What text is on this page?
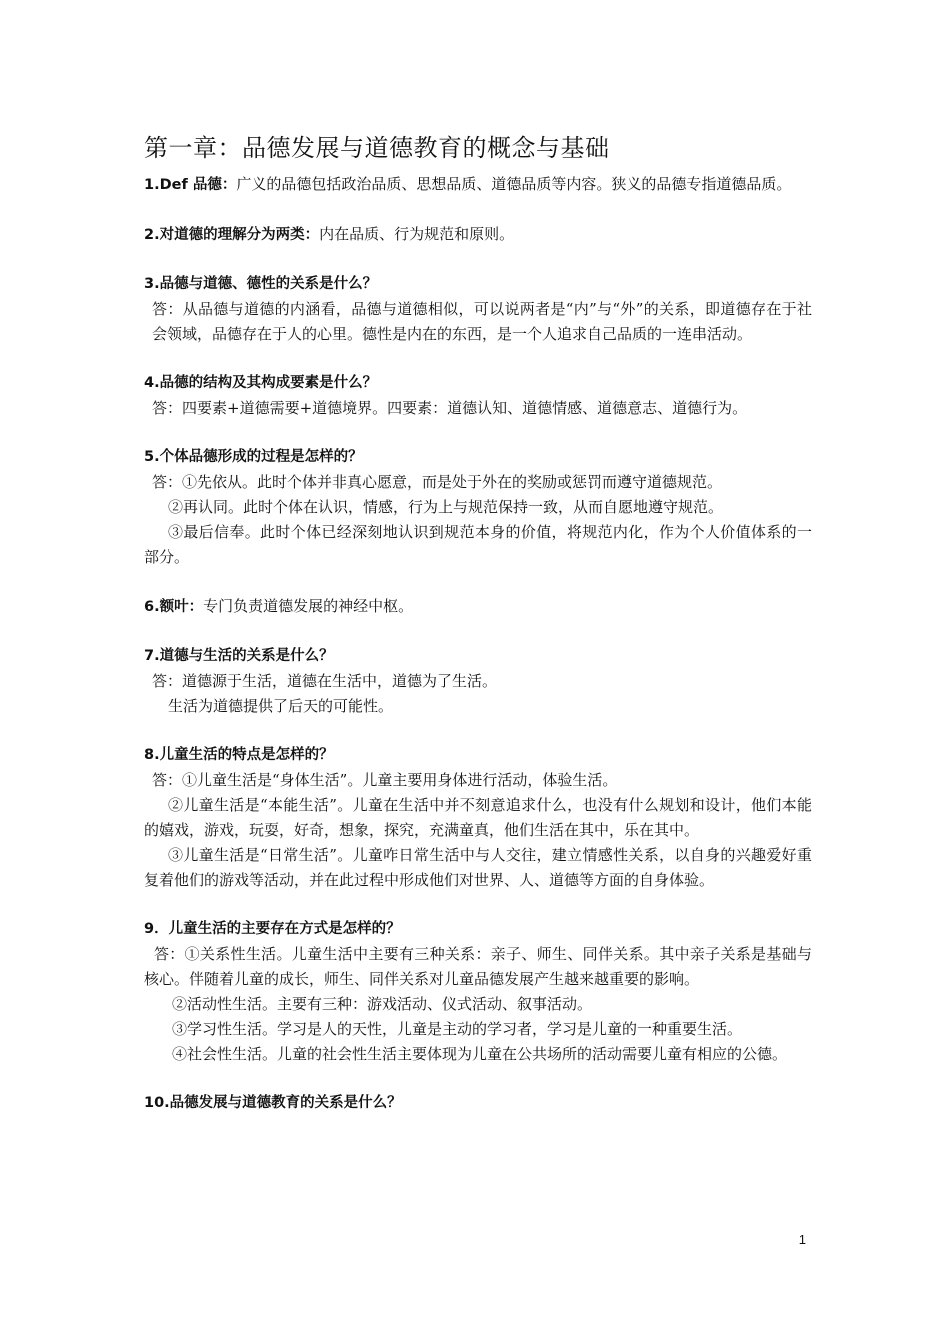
第一章：品德发展与道德教育的概念与基础

1.Def 品德：广义的品德包括政治品质、思想品质、道德品质等内容。狭义的品德专指道德品质。

2.对道德的理解分为两类：内在品质、行为规范和原则。

3.品德与道德、德性的关系是什么？

答：从品德与道德的内涵看，品德与道德相似，可以说两者是“内”与“外”的关系，即道德存在于社会领域，品德存在于人的心里。德性是内在的东西，是一个人追求自己品质的一连串活动。

4.品德的结构及其构成要素是什么？

答：四要素+道德需要+道德境界。四要素：道德认知、道德情感、道德意志、道德行为。

5.个体品德形成的过程是怎样的？

答：①先依从。此时个体并非真心愿意，而是处于外在的奖励或惩罚而遵守道德规范。

②再认同。此时个体在认识，情感，行为上与规范保持一致，从而自愿地遵守规范。

③最后信奉。此时个体已经深刻地认识到规范本身的价值，将规范内化，作为个人价值体系的一部分。

6.额叶：专门负责道德发展的神经中枢。

7.道德与生活的关系是什么？

答：道德源于生活，道德在生活中，道德为了生活。

生活为道德提供了后天的可能性。

8.儿童生活的特点是怎样的？

答：①儿童生活是“身体生活”。儿童主要用身体进行活动，体验生活。

②儿童生活是“本能生活”。儿童在生活中并不刻意追求什么，也没有什么规划和设计，他们本能的嬉戏，游戏，玩耍，好奇，想象，探究，充满童真，他们生活在其中，乐在其中。

③儿童生活是“日常生活”。儿童咋日常生活中与人交往，建立情感性关系，以自身的兴趣爱好重复着他们的游戏等活动，并在此过程中形成他们对世界、人、道德等方面的自身体验。

9．儿童生活的主要存在方式是怎样的？

答：①关系性生活。儿童生活中主要有三种关系：亲子、师生、同伴关系。其中亲子关系是基础与核心。伴随着儿童的成长，师生、同伴关系对儿童品德发展产生越来越重要的影响。

②活动性生活。主要有三种：游戏活动、仪式活动、叙事活动。

③学习性生活。学习是人的天性，儿童是主动的学习者，学习是儿童的一种重要生活。

④社会性生活。儿童的社会性生活主要体现为儿童在公共场所的活动需要儿童有相应的公德。

10.品德发展与道德教育的关系是什么？

1
